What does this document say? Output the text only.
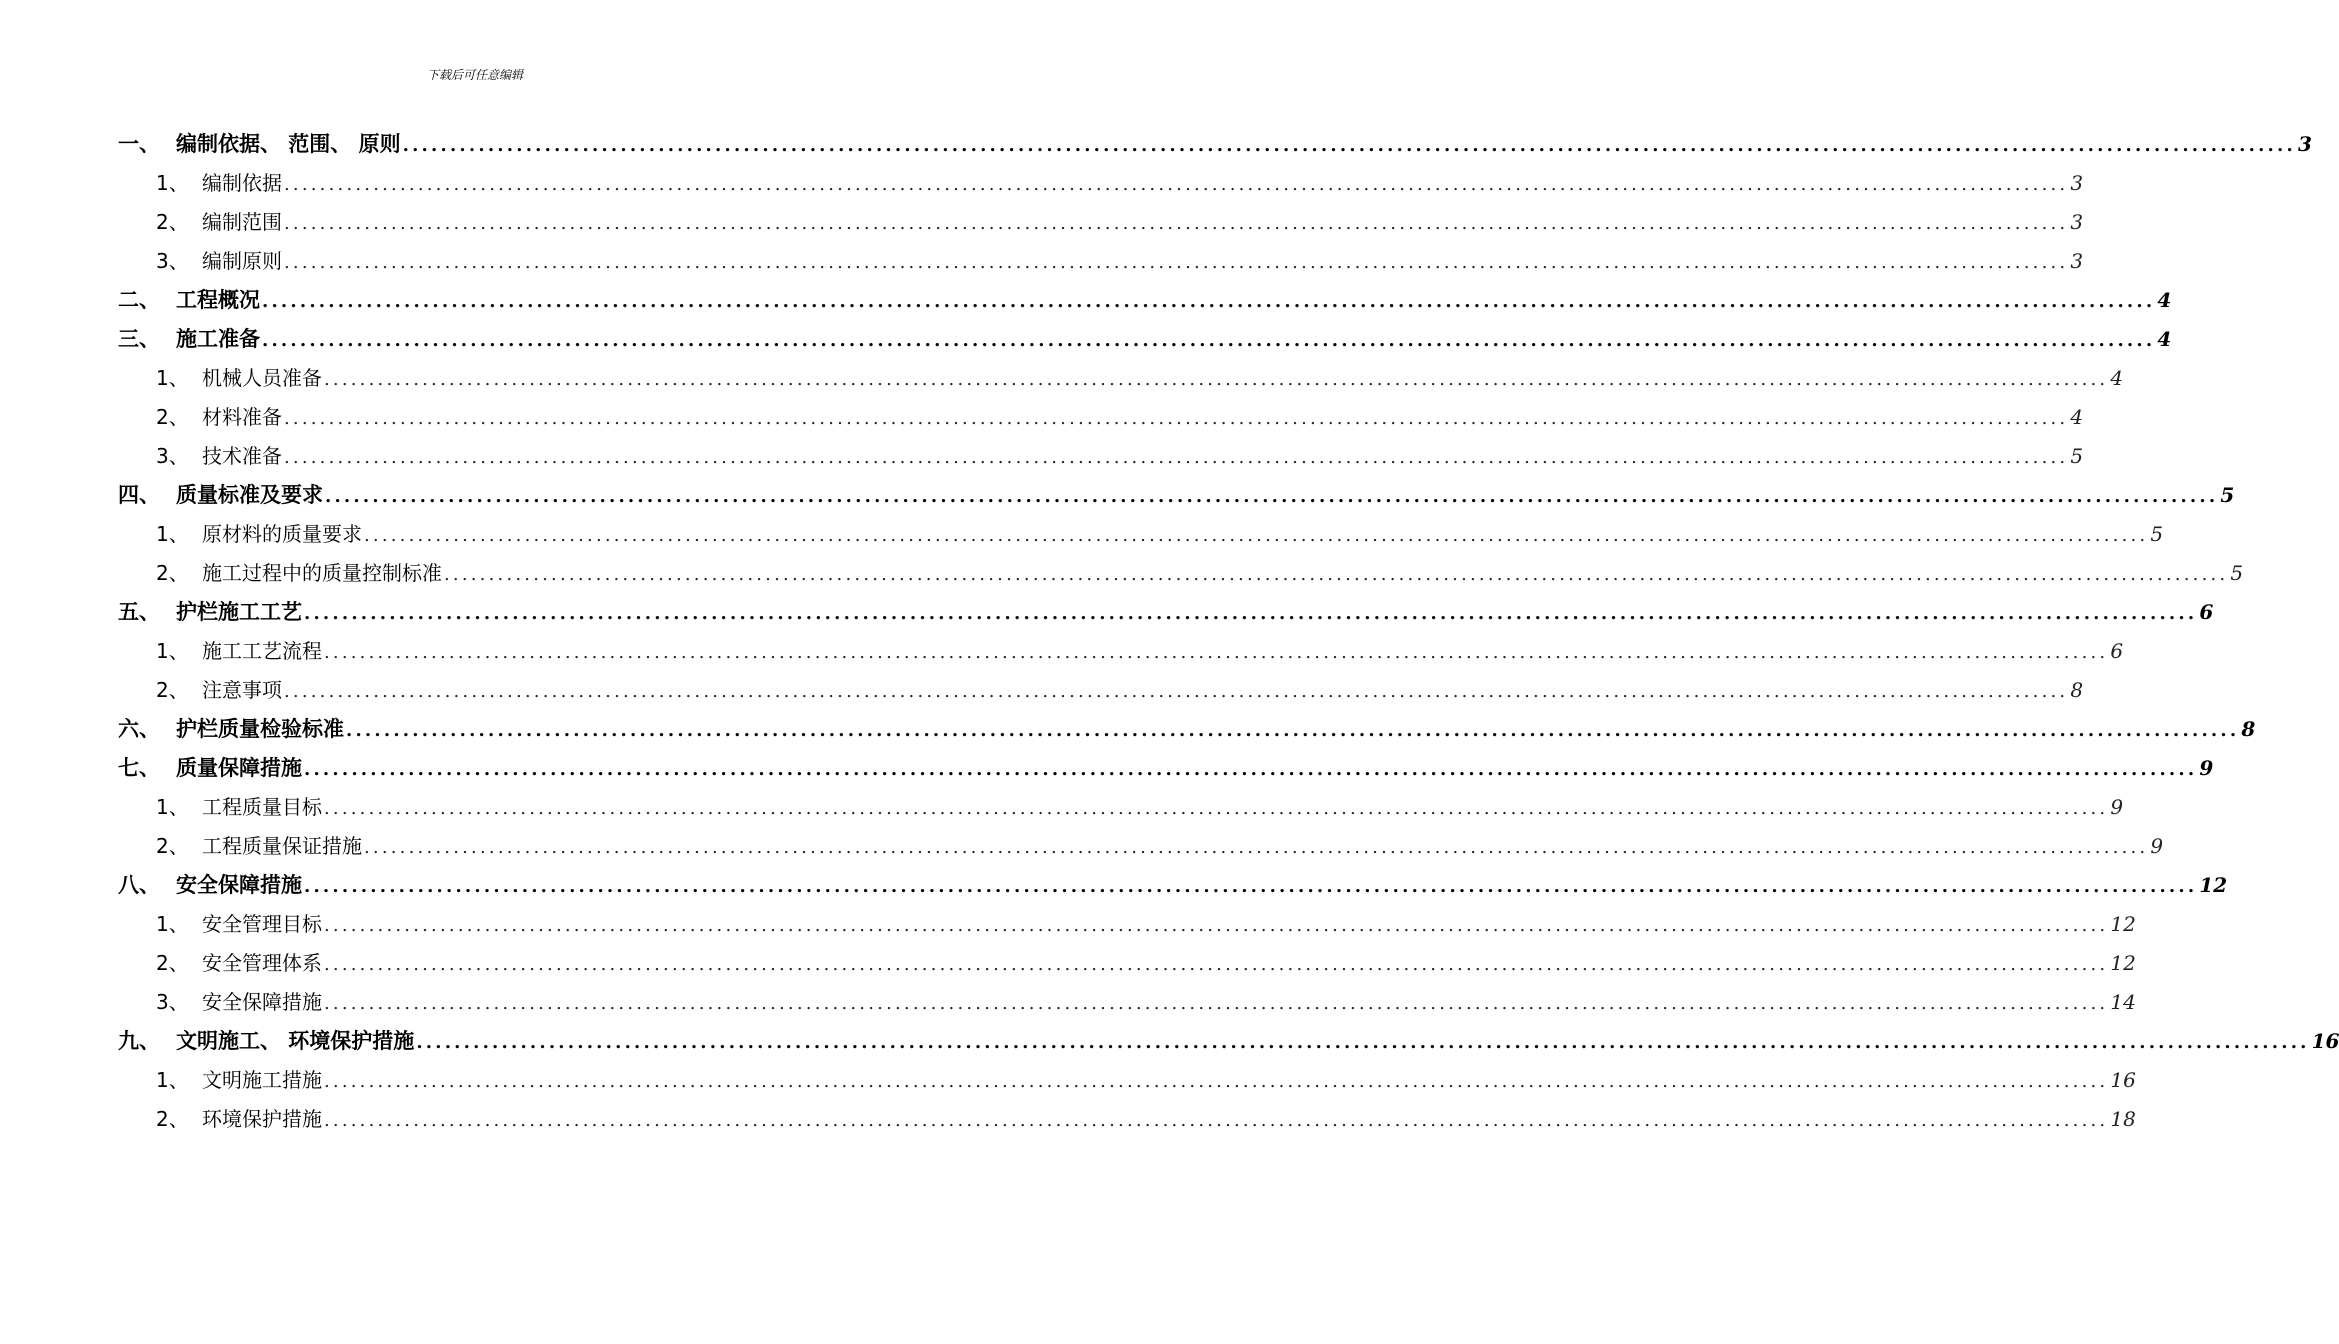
下载后可任意编辑
一、 编制依据、 范围、 原则 ........................................................................................................................................................................................................ 3
1、 编制依据 ........................................................................................................................................................................................................ 3
2、 编制范围 ........................................................................................................................................................................................................ 3
3、 编制原则 ........................................................................................................................................................................................................ 3
二、 工程概况 ........................................................................................................................................................................................................ 4
三、 施工准备 ........................................................................................................................................................................................................ 4
1、 机械人员准备 ........................................................................................................................................................................................................ 4
2、 材料准备 ........................................................................................................................................................................................................ 4
3、 技术准备 ........................................................................................................................................................................................................ 5
四、 质量标准及要求 ........................................................................................................................................................................................................ 5
1、 原材料的质量要求 ........................................................................................................................................................................................................ 5
2、 施工过程中的质量控制标准 ........................................................................................................................................................................................................ 5
五、 护栏施工工艺 ........................................................................................................................................................................................................ 6
1、 施工工艺流程 ........................................................................................................................................................................................................ 6
2、 注意事项 ........................................................................................................................................................................................................ 8
六、 护栏质量检验标准 ........................................................................................................................................................................................................ 8
七、 质量保障措施 ........................................................................................................................................................................................................ 9
1、 工程质量目标 ........................................................................................................................................................................................................ 9
2、 工程质量保证措施 ........................................................................................................................................................................................................ 9
八、 安全保障措施 ........................................................................................................................................................................................................ 12
1、 安全管理目标 ........................................................................................................................................................................................................ 12
2、 安全管理体系 ........................................................................................................................................................................................................ 12
3、 安全保障措施 ........................................................................................................................................................................................................ 14
九、 文明施工、 环境保护措施 ........................................................................................................................................................................................................ 16
1、 文明施工措施 ........................................................................................................................................................................................................ 16
2、 环境保护措施 ........................................................................................................................................................................................................ 18
